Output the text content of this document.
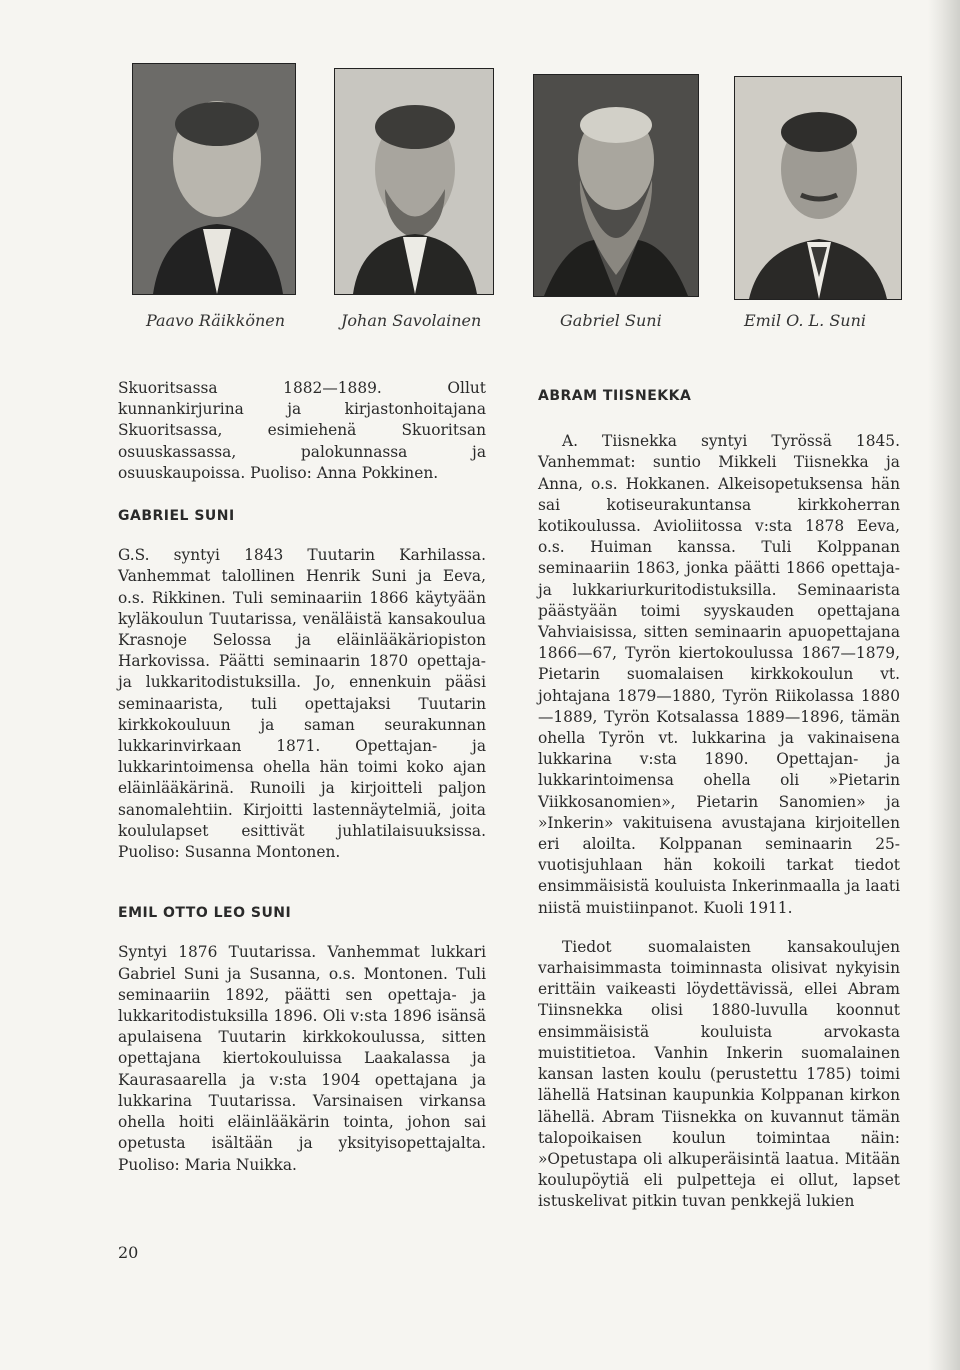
Paavo Räikkönen	Johan Savolainen	Gabriel Suni	Emil O. L. Suni

Skuoritsassa 1882—1889. Ollut kunnankirjurina ja kirjastonhoitajana Skuoritsassa, esimiehenä Skuoritsan osuuskassassa, palokunnassa ja osuuskaupoissa. Puoliso: Anna Pokkinen.

GABRIEL SUNI

G.S. syntyi 1843 Tuutarin Karhilassa. Vanhemmat talollinen Henrik Suni ja Eeva, o.s. Rikkinen. Tuli seminaariin 1866 käytyään kyläkoulun Tuutarissa, venäläistä kansakoulua Krasnoje Selossa ja eläinlääkäriopiston Harkovissa. Päätti seminaarin 1870 opettaja- ja lukkaritodistuksilla. Jo, ennenkuin pääsi seminaarista, tuli opettajaksi Tuutarin kirkkokouluun ja saman seurakunnan lukkarinvirkaan 1871. Opettajan- ja lukkarintoimensa ohella hän toimi koko ajan eläinlääkärinä. Runoili ja kirjoitteli paljon sanomalehtiin. Kirjoitti lastennäytelmiä, joita koululapset esittivät juhlatilaisuuksissa. Puoliso: Susanna Montonen.

EMIL OTTO LEO SUNI

Syntyi 1876 Tuutarissa. Vanhemmat lukkari Gabriel Suni ja Susanna, o.s. Montonen. Tuli seminaariin 1892, päätti sen opettaja- ja lukkaritodistuksilla 1896. Oli v:sta 1896 isänsä apulaisena Tuutarin kirkkokoulussa, sitten opettajana kiertokouluissa Laakalassa ja Kaurasaarella ja v:sta 1904 opettajana ja lukkarina Tuutarissa. Varsinaisen virkansa ohella hoiti eläinlääkärin tointa, johon sai opetusta isältään ja yksityisopettajalta. Puoliso: Maria Nuikka.

ABRAM TIISNEKKA

A. Tiisnekka syntyi Tyrössä 1845. Vanhemmat: suntio Mikkeli Tiisnekka ja Anna, o.s. Hokkanen. Alkeisopetuksensa hän sai kotiseurakuntansa kirkkoherran kotikoulussa. Avioliitossa v:sta 1878 Eeva, o.s. Huiman kanssa. Tuli Kolppanan seminaariin 1863, jonka päätti 1866 opettaja- ja lukkariurkuritodistuksilla. Seminaarista päästyään toimi syyskauden opettajana Vahviaisissa, sitten seminaarin apuopettajana 1866—67, Tyrön kiertokoulussa 1867—1879, Pietarin suomalaisen kirkkokoulun vt. johtajana 1879—1880, Tyrön Riikolassa 1880—1889, Tyrön Kotsalassa 1889—1896, tämän ohella Tyrön vt. lukkarina ja vakinaisena lukkarina v:sta 1890. Opettajan- ja lukkarintoimensa ohella oli »Pietarin Viikkosanomien», Pietarin Sanomien» ja »Inkerin» vakituisena avustajana kirjoitellen eri aloilta. Kolppanan seminaarin 25-vuotisjuhlaan hän kokoili tarkat tiedot ensimmäisistä kouluista Inkerinmaalla ja laati niistä muistiinpanot. Kuoli 1911.

Tiedot suomalaisten kansakoulujen varhaisimmasta toiminnasta olisivat nykyisin erittäin vaikeasti löydettävissä, ellei Abram Tiinsnekka olisi 1880-luvulla koonnut ensimmäisistä kouluista arvokasta muistitietoa. Vanhin Inkerin suomalainen kansan lasten koulu (perustettu 1785) toimi lähellä Hatsinan kaupunkia Kolppanan kirkon lähellä. Abram Tiisnekka on kuvannut tämän talopoikaisen koulun toimintaa näin: »Opetustapa oli alkuperäisintä laatua. Mitään koulupöytiä eli pulpetteja ei ollut, lapset istuskelivat pitkin tuvan penkkejä lukien

20
